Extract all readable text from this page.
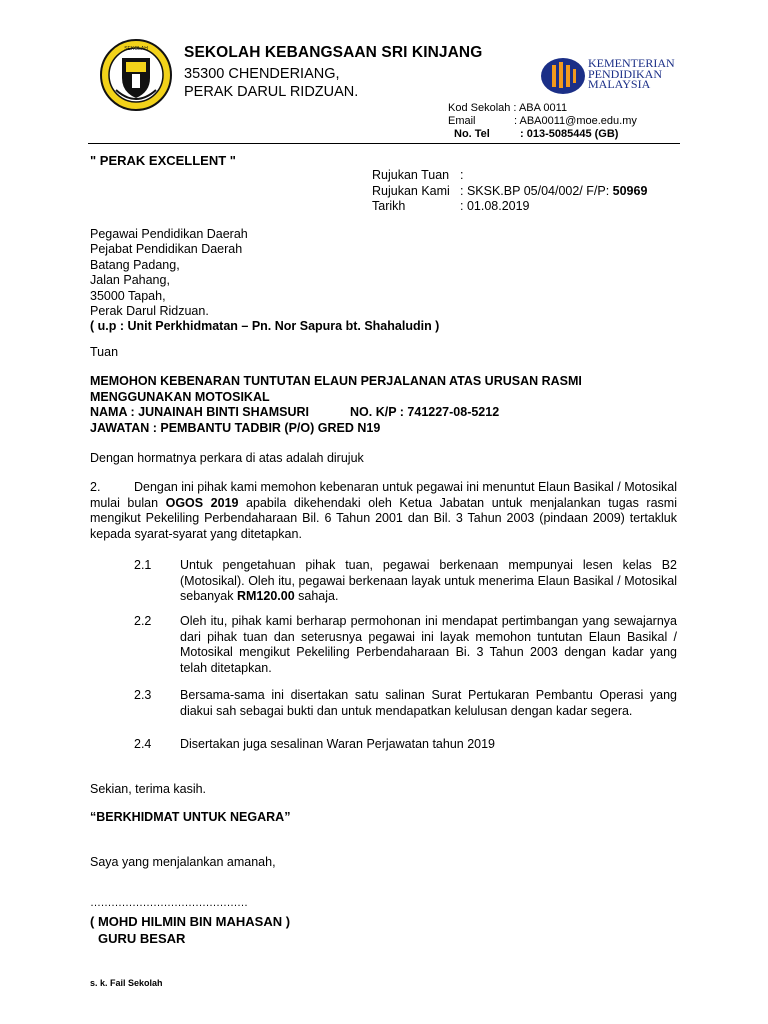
SEKOLAH SEKOLAH KEBANGSAAN SRI KINJANG
35300 CHENDERIANG,
PERAK DARUL RIDZUAN.
KEMENTERIAN
PENDIDIKAN
MALAYSIA
Kod Sekolah : ABA 0011
Email	: ABA0011@moe.edu.my
No. Tel	: 013-5085445 (GB)
" PERAK EXCELLENT "
Rujukan Tuan :
Rujukan Kami : SKSK.BP 05/04/002/ F/P: 50969
Tarikh	: 01.08.2019
Pegawai Pendidikan Daerah
Pejabat Pendidikan Daerah
Batang Padang,
Jalan Pahang,
35000 Tapah,
Perak Darul Ridzuan.
( u.p : Unit Perkhidmatan – Pn. Nor Sapura bt. Shahaludin )
Tuan
MEMOHON KEBENARAN TUNTUTAN ELAUN PERJALANAN ATAS URUSAN RASMI
MENGGUNAKAN MOTOSIKAL
NAMA : JUNAINAH BINTI SHAMSURI	NO. K/P : 741227-08-5212
JAWATAN : PEMBANTU TADBIR (P/O) GRED N19
Dengan hormatnya perkara di atas adalah dirujuk

2.	Dengan ini pihak kami memohon kebenaran untuk pegawai ini menuntut Elaun Basikal / Motosikal mulai bulan OGOS 2019 apabila dikehendaki oleh Ketua Jabatan untuk menjalankan tugas rasmi mengikut Pekeliling Perbendaharaan Bil. 6 Tahun 2001 dan Bil. 3 Tahun 2003 (pindaan 2009) tertakluk kepada syarat-syarat yang ditetapkan.

2.1 Untuk pengetahuan pihak tuan, pegawai berkenaan mempunyai lesen kelas B2 (Motosikal). Oleh itu, pegawai berkenaan layak untuk menerima Elaun Basikal / Motosikal sebanyak RM120.00 sahaja.

2.2 Oleh itu, pihak kami berharap permohonan ini mendapat pertimbangan yang sewajarnya dari pihak tuan dan seterusnya pegawai ini layak memohon tuntutan Elaun Basikal / Motosikal mengikut Pekeliling Perbendaharaan Bi. 3 Tahun 2003 dengan kadar yang telah ditetapkan.

2.3 Bersama-sama ini disertakan satu salinan Surat Pertukaran Pembantu Operasi yang diakui sah sebagai bukti dan untuk mendapatkan kelulusan dengan kadar segera.

2.4 Disertakan juga sesalinan Waran Perjawatan tahun 2019

Sekian, terima kasih.
“BERKHIDMAT UNTUK NEGARA”
Saya yang menjalankan amanah,
………………………………………
( MOHD HILMIN BIN MAHASAN )
GURU BESAR
s. k. Fail Sekolah
